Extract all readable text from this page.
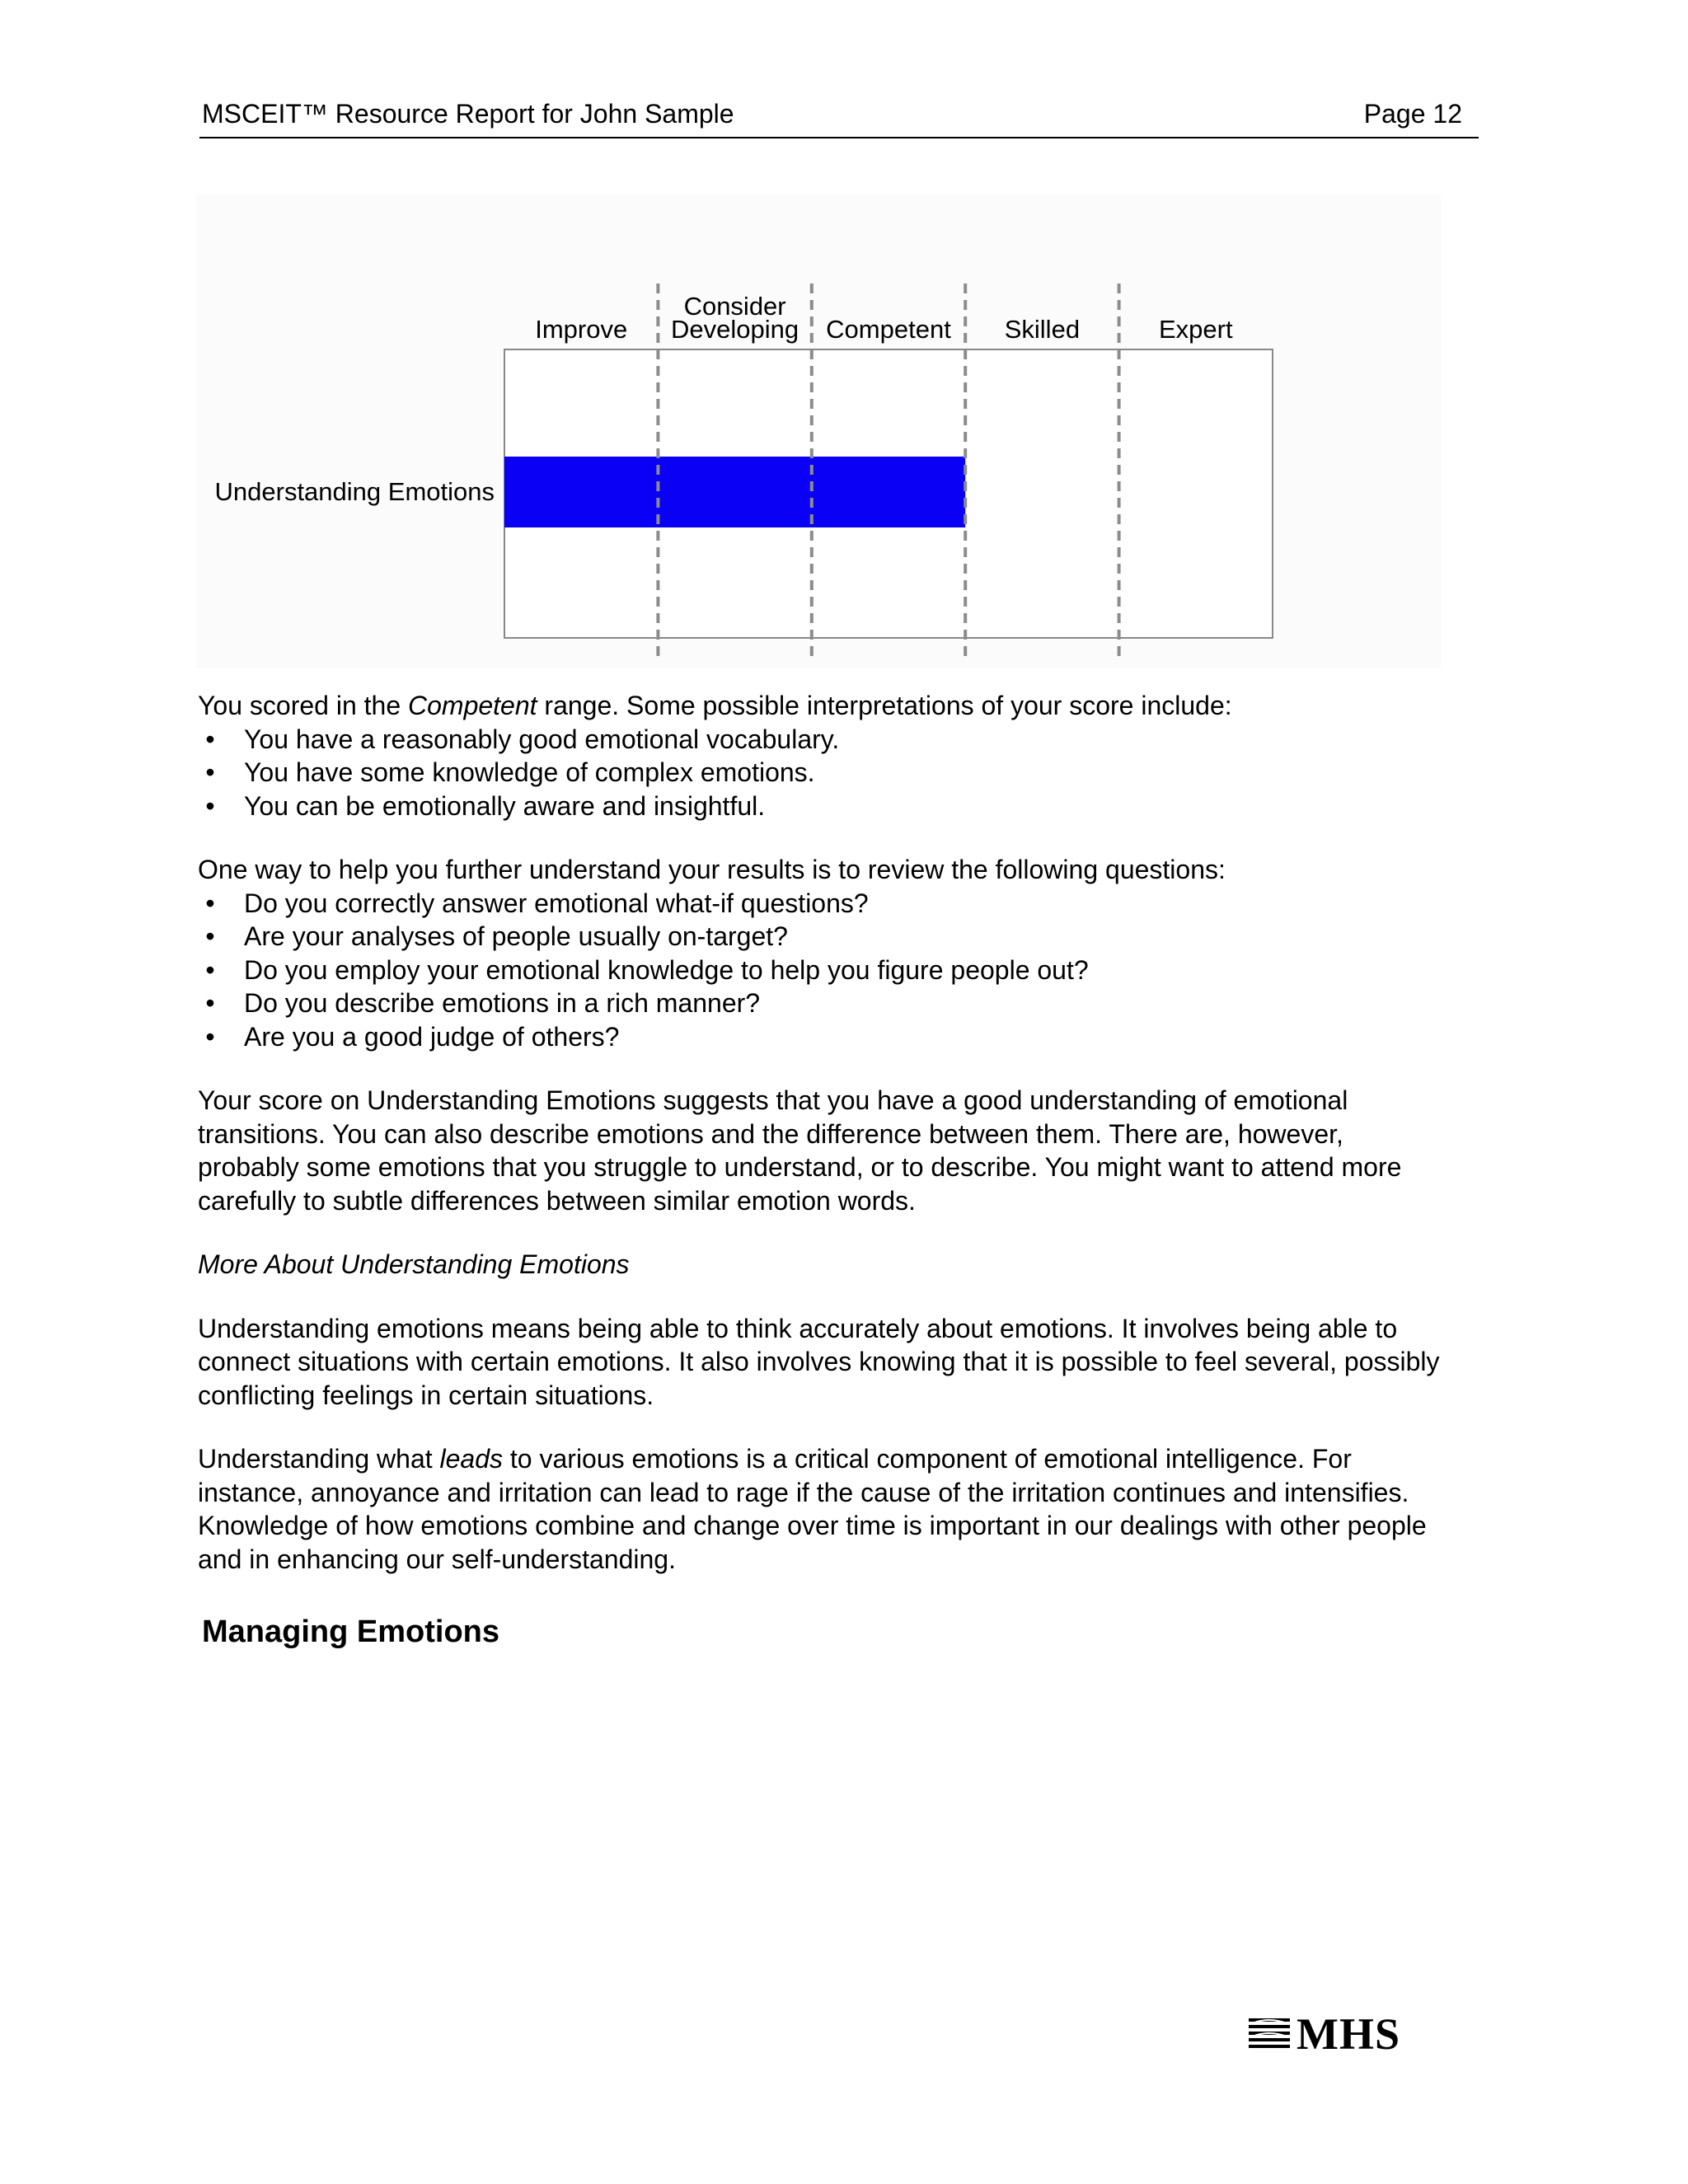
MSCEIT™ Resource Report for John Sample	Page 12
Improve
Consider
Developing Competent Skilled	Expert
Understanding Emotions

You scored in the Competent range. Some possible interpretations of your score include:

• You have a reasonably good emotional vocabulary.
• You have some knowledge of complex emotions.
• You can be emotionally aware and insightful.

One way to help you further understand your results is to review the following questions:

• Do you correctly answer emotional what-if questions?
• Are your analyses of people usually on-target?
• Do you employ your emotional knowledge to help you figure people out?
• Do you describe emotions in a rich manner?
• Are you a good judge of others?

Your score on Understanding Emotions suggests that you have a good understanding of emotional transitions. You can also describe emotions and the difference between them. There are, however, probably some emotions that you struggle to understand, or to describe. You might want to attend more carefully to subtle differences between similar emotion words.

More About Understanding Emotions

Understanding emotions means being able to think accurately about emotions. It involves being able to connect situations with certain emotions. It also involves knowing that it is possible to feel several, possibly conflicting feelings in certain situations.

Understanding what leads to various emotions is a critical component of emotional intelligence. For instance, annoyance and irritation can lead to rage if the cause of the irritation continues and intensifies. Knowledge of how emotions combine and change over time is important in our dealings with other people and in enhancing our self-understanding.

Managing Emotions
MHS
